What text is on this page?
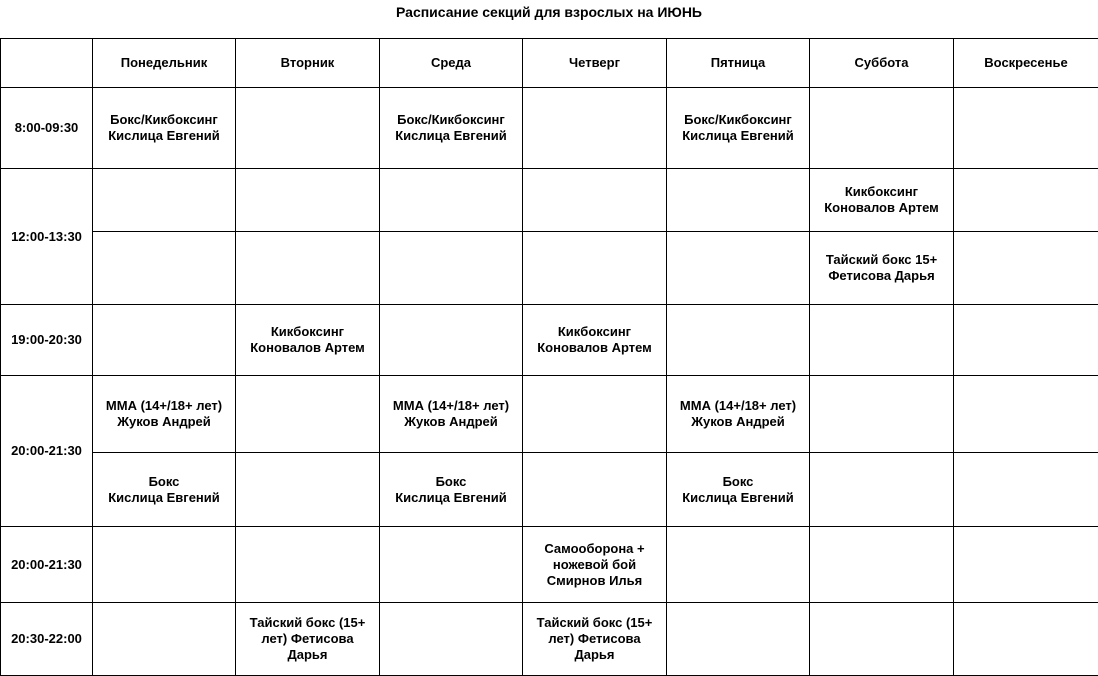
Расписание секций для взрослых на ИЮНЬ
	Понедельник	Вторник	Среда	Четверг	Пятница	Суббота	Воскресенье
8:00-09:30	Бокс/Кикбоксинг
Кислица Евгений		Бокс/Кикбоксинг
Кислица Евгений		Бокс/Кикбоксинг
Кислица Евгений		

12:00-13:30						Кикбоксинг
Коновалов Артем	

						Тайский бокс 15+
Фетисова Дарья	

19:00-20:30		Кикбоксинг
Коновалов Артем		Кикбоксинг
Коновалов Артем			

20:00-21:30	ММА (14+/18+ лет)
Жуков Андрей		ММА (14+/18+ лет)
Жуков Андрей		ММА (14+/18+ лет)
Жуков Андрей		

	Бокс
Кислица Евгений		Бокс
Кислица Евгений		Бокс
Кислица Евгений		

20:00-21:30				Самооборона +
ножевой бой
Смирнов Илья			

20:30-22:00		Тайский бокс (15+
лет) Фетисова
Дарья		Тайский бокс (15+
лет) Фетисова
Дарья			
